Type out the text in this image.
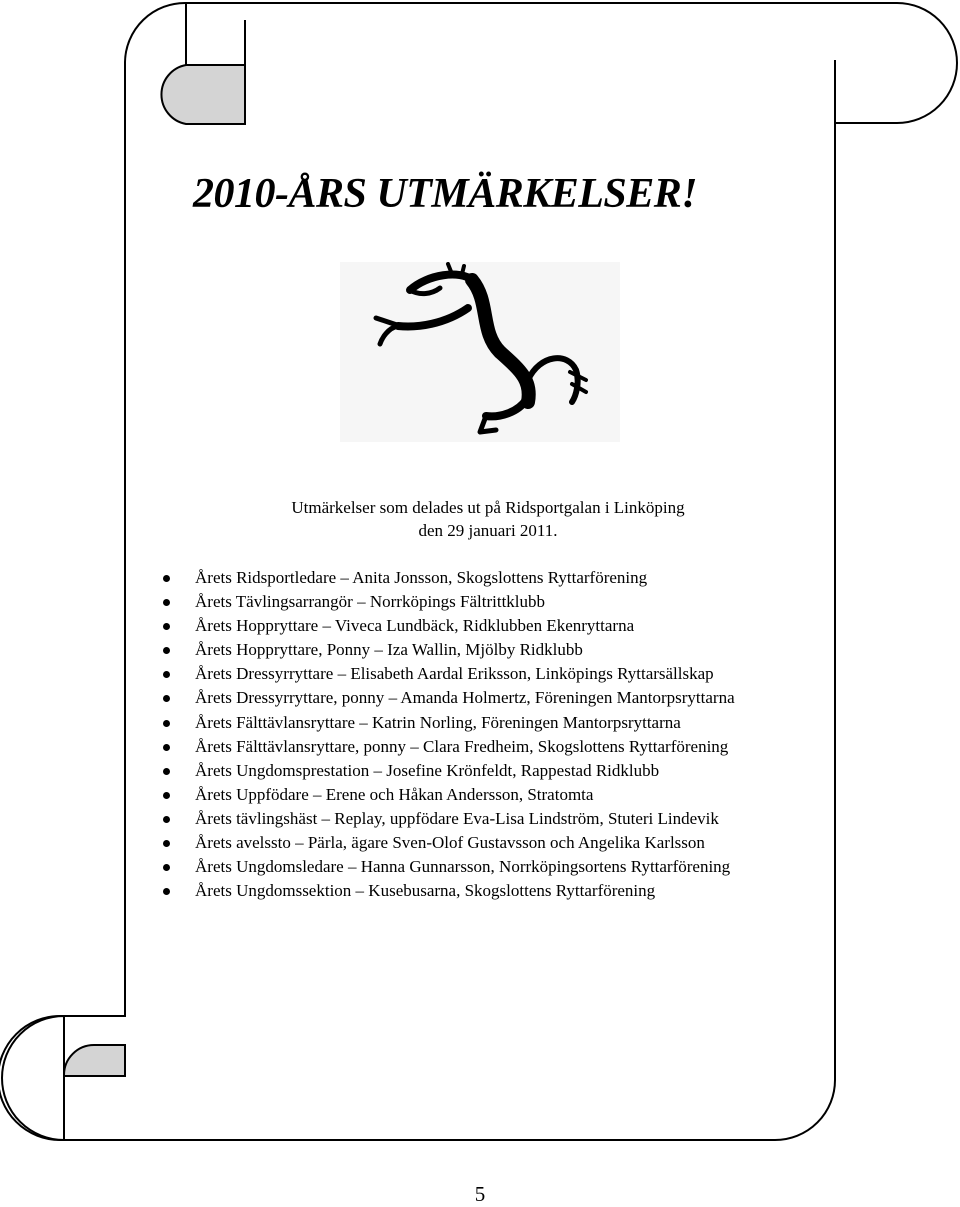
2010-ÅRS UTMÄRKELSER!
Utmärkelser som delades ut på Ridsportgalan i Linköping
den 29 januari 2011.
Årets Ridsportledare – Anita Jonsson, Skogslottens Ryttarförening
Årets Tävlingsarrangör – Norrköpings Fältrittklubb
Årets Hoppryttare – Viveca Lundbäck, Ridklubben Ekenryttarna
Årets Hoppryttare, Ponny – Iza Wallin, Mjölby Ridklubb
Årets Dressyrryttare – Elisabeth Aardal Eriksson, Linköpings Ryttarsällskap
Årets Dressyrryttare, ponny – Amanda Holmertz, Föreningen Mantorpsryttarna
Årets Fälttävlansryttare – Katrin Norling, Föreningen Mantorpsryttarna
Årets Fälttävlansryttare, ponny – Clara Fredheim, Skogslottens Ryttarförening
Årets Ungdomsprestation – Josefine Krönfeldt, Rappestad Ridklubb
Årets Uppfödare – Erene och Håkan Andersson, Stratomta
Årets tävlingshäst – Replay, uppfödare Eva-Lisa Lindström, Stuteri Lindevik
Årets avelssto – Pärla, ägare Sven-Olof Gustavsson och Angelika Karlsson
Årets Ungdomsledare – Hanna Gunnarsson, Norrköpingsortens Ryttarförening
Årets Ungdomssektion – Kusebusarna, Skogslottens Ryttarförening
5
